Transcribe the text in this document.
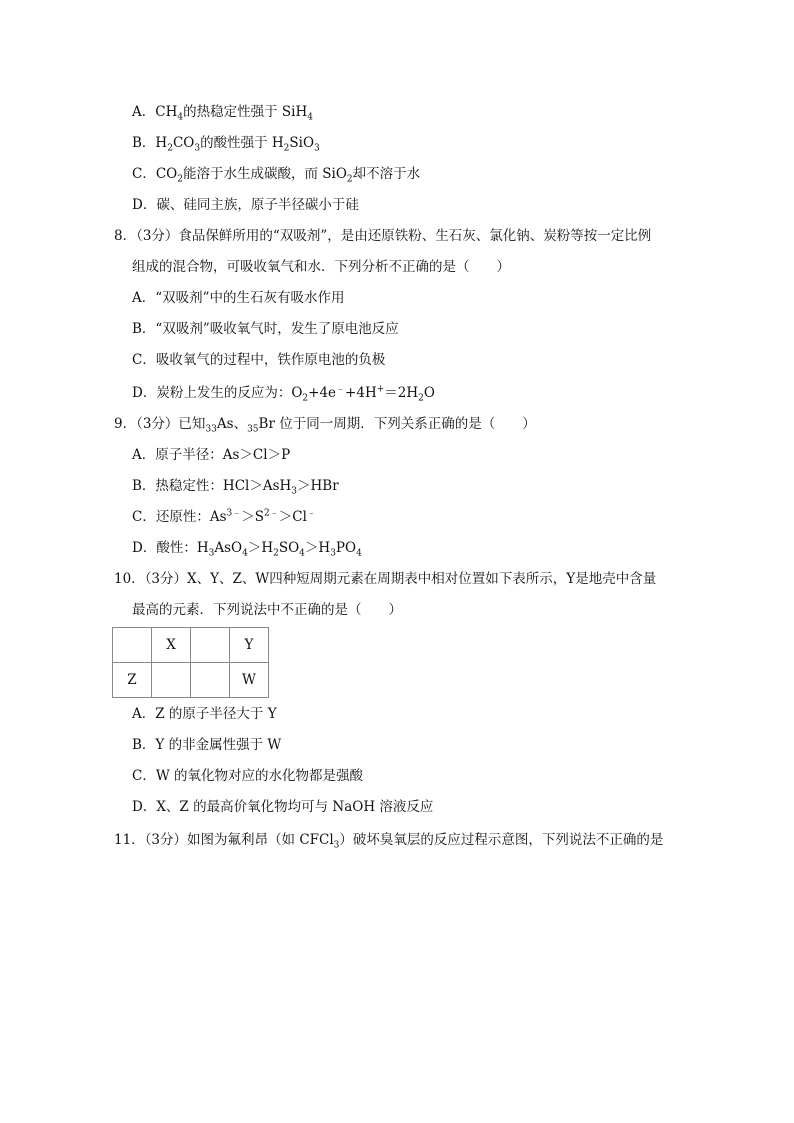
A．$CH_4$的热稳定性强于 SiH$_4$
B．$H_2CO_3$的酸性强于 $H_2SiO_3$
C．$CO_2$能溶于水生成碳酸，而 SiO$_2$却不溶于水
D．碳、硅同主族，原子半径碳小于硅
8．（3分）食品保鲜所用的“双吸剂”，是由还原铁粉、生石灰、氯化钠、炭粉等按一定比例
组成的混合物，可吸收氧气和水．下列分析不正确的是（　　）
A．“双吸剂”中的生石灰有吸水作用
B．“双吸剂”吸收氧气时，发生了原电池反应
C．吸收氧气的过程中，铁作原电池的负极
D．炭粉上发生的反应为：$O_2+4e^﹣+4H^+=2H_2O$
9．（3分）已知$_{33}$As、$_{35}$Br 位于同一周期．下列关系正确的是（　　）
A．原子半径：As＞Cl＞P
B．热稳定性：HCl＞AsH$_3$＞HBr
C．还原性：$As^{3﹣}>S^{2﹣}>Cl^﹣$
D．酸性：$H_3AsO_4>H_2SO_4>H_3PO_4$
10．（3分）X、Y、Z、W四种短周期元素在周期表中相对位置如下表所示，Y是地壳中含量
最高的元素．下列说法中不正确的是（　　）
	X		Y
Z			W
A．Z 的原子半径大于 Y
B．Y 的非金属性强于 W
C．W 的氧化物对应的水化物都是强酸
D．X、Z 的最高价氧化物均可与 NaOH 溶液反应
11．（3分）如图为氟利昂（如 CFCl$_3$）破坏臭氧层的反应过程示意图，下列说法不正确的是
